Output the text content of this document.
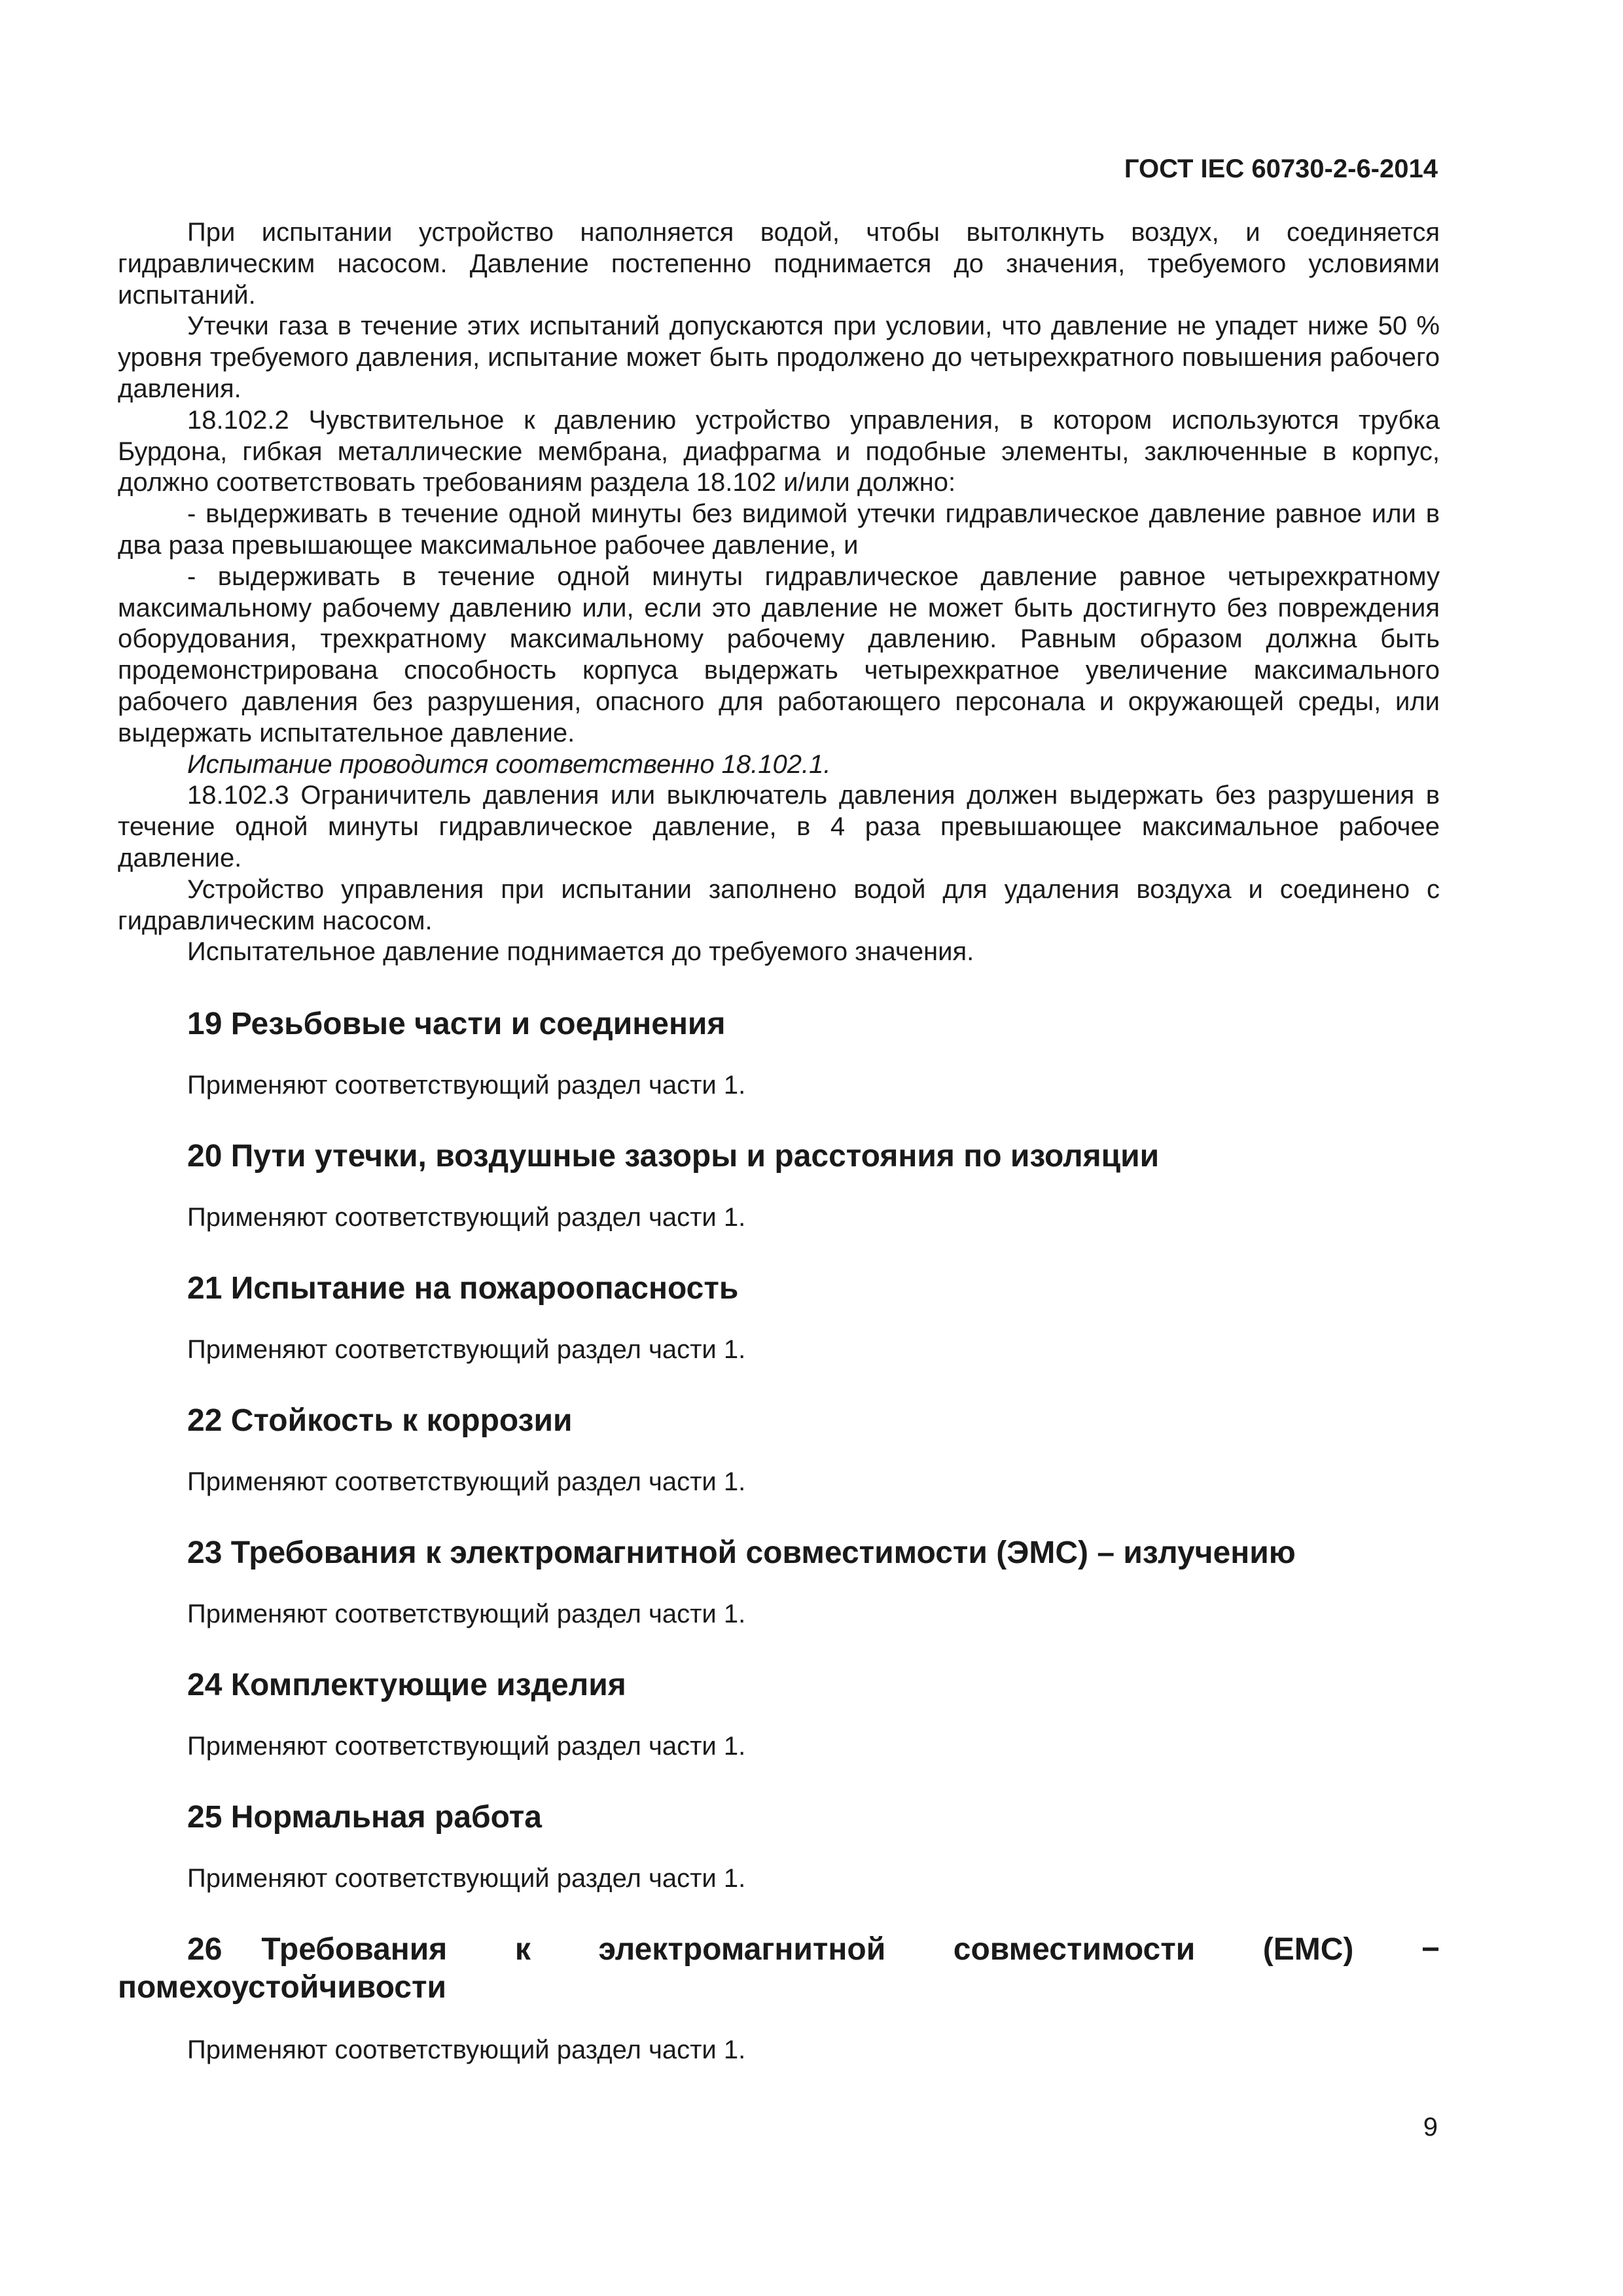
ГОСТ IEC 60730-2-6-2014

При испытании устройство наполняется водой, чтобы вытолкнуть воздух, и соединяется гидравлическим насосом. Давление постепенно поднимается до значения, требуемого условиями испытаний.

Утечки газа в течение этих испытаний допускаются при условии, что давление не упадет ниже 50 % уровня требуемого давления, испытание может быть продолжено до четырехкратного повышения рабочего давления.

18.102.2 Чувствительное к давлению устройство управления, в котором используются трубка Бурдона, гибкая металлические мембрана, диафрагма и подобные элементы, заключенные в корпус, должно соответствовать требованиям раздела 18.102 и/или должно:

- выдерживать в течение одной минуты без видимой утечки гидравлическое давление равное или в два раза превышающее максимальное рабочее давление, и

- выдерживать в течение одной минуты гидравлическое давление равное четырехкратному максимальному рабочему давлению или, если это давление не может быть достигнуто без повреждения оборудования, трехкратному максимальному рабочему давлению. Равным образом должна быть продемонстрирована способность корпуса выдержать четырехкратное увеличение максимального рабочего давления без разрушения, опасного для работающего персонала и окружающей среды, или выдержать испытательное давление.

Испытание проводится соответственно 18.102.1.

18.102.3 Ограничитель давления или выключатель давления должен выдержать без разрушения в течение одной минуты гидравлическое давление, в 4 раза превышающее максимальное рабочее давление.

Устройство управления при испытании заполнено водой для удаления воздуха и соединено с гидравлическим насосом.

Испытательное давление поднимается до требуемого значения.

19 Резьбовые части и соединения

Применяют соответствующий раздел части 1.

20 Пути утечки, воздушные зазоры и расстояния по изоляции

Применяют соответствующий раздел части 1.

21 Испытание на пожароопасность

Применяют соответствующий раздел части 1.

22 Стойкость к коррозии

Применяют соответствующий раздел части 1.

23 Требования к электромагнитной совместимости (ЭМС) – излучению

Применяют соответствующий раздел части 1.

24 Комплектующие изделия

Применяют соответствующий раздел части 1.

25 Нормальная работа

Применяют соответствующий раздел части 1.

26 Требования к электромагнитной совместимости (ЕМС) − помехоустойчивости

Применяют соответствующий раздел части 1.

9
